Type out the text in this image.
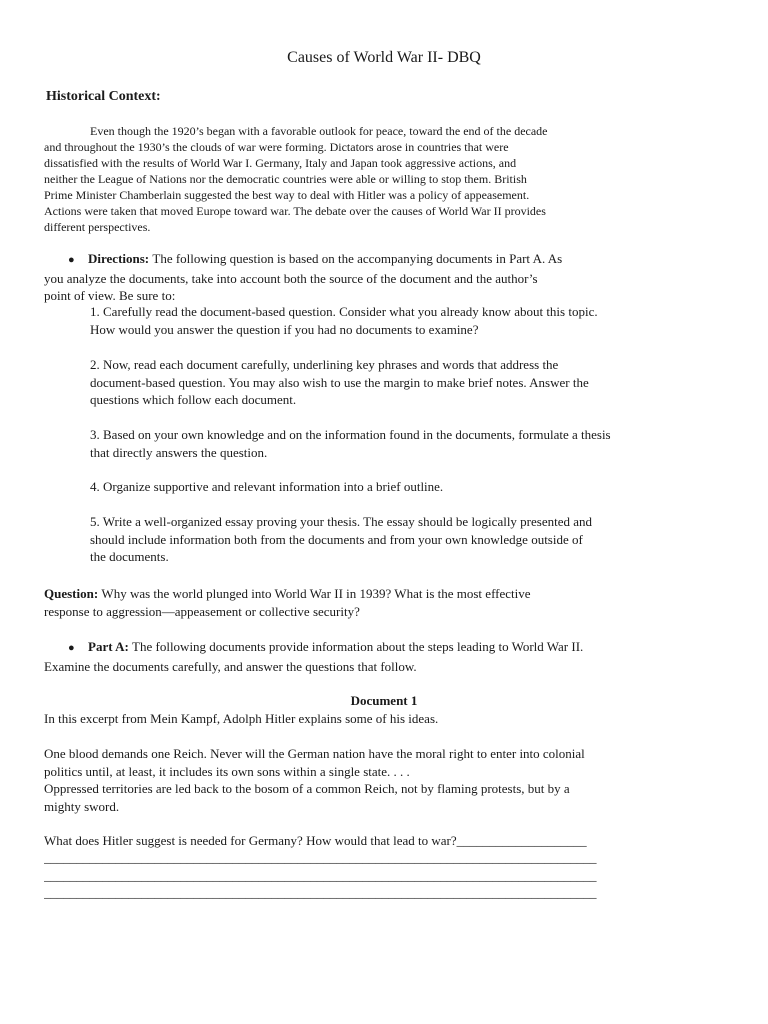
Causes of World War II- DBQ
Historical Context:
Even though the 1920’s began with a favorable outlook for peace, toward the end of the decade
and throughout the 1930’s the clouds of war were forming. Dictators arose in countries that were
dissatisfied with the results of World War I. Germany, Italy and Japan took aggressive actions, and
neither the League of Nations nor the democratic countries were able or willing to stop them. British
Prime Minister Chamberlain suggested the best way to deal with Hitler was a policy of appeasement.
Actions were taken that moved Europe toward war. The debate over the causes of World War II provides
different perspectives.
● Directions: The following question is based on the accompanying documents in Part A. As
you analyze the documents, take into account both the source of the document and the author’s
point of view. Be sure to:
1. Carefully read the document-based question. Consider what you already know about this topic.
How would you answer the question if you had no documents to examine?
2. Now, read each document carefully, underlining key phrases and words that address the
document-based question. You may also wish to use the margin to make brief notes. Answer the
questions which follow each document.
3. Based on your own knowledge and on the information found in the documents, formulate a thesis
that directly answers the question.
4. Organize supportive and relevant information into a brief outline.
5. Write a well-organized essay proving your thesis. The essay should be logically presented and
should include information both from the documents and from your own knowledge outside of
the documents.
Question: Why was the world plunged into World War II in 1939? What is the most effective
response to aggression—appeasement or collective security?
● Part A: The following documents provide information about the steps leading to World War II.
Examine the documents carefully, and answer the questions that follow.
Document 1
In this excerpt from Mein Kampf, Adolph Hitler explains some of his ideas.
One blood demands one Reich. Never will the German nation have the moral right to enter into colonial
politics until, at least, it includes its own sons within a single state. . . .
Oppressed territories are led back to the bosom of a common Reich, not by flaming protests, but by a
mighty sword.
What does Hitler suggest is needed for Germany? How would that lead to war?____________________
_____________________________________________________________________________________
_____________________________________________________________________________________
_____________________________________________________________________________________
